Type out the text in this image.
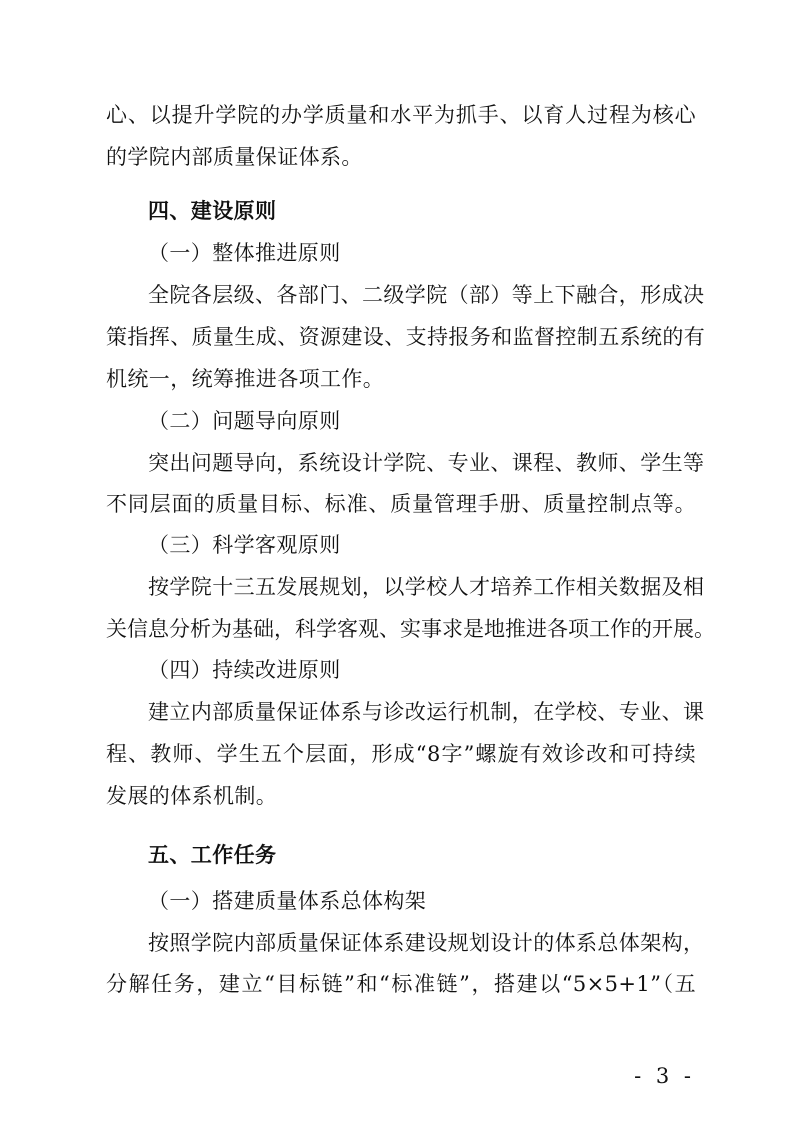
心、以提升学院的办学质量和水平为抓手、以育人过程为核心
的学院内部质量保证体系。
四、建设原则
（一）整体推进原则
全院各层级、各部门、二级学院（部）等上下融合，形成决
策指挥、质量生成、资源建设、支持报务和监督控制五系统的有
机统一，统筹推进各项工作。
（二）问题导向原则
突出问题导向，系统设计学院、专业、课程、教师、学生等
不同层面的质量目标、标准、质量管理手册、质量控制点等。
（三）科学客观原则
按学院十三五发展规划，以学校人才培养工作相关数据及相
关信息分析为基础，科学客观、实事求是地推进各项工作的开展。
（四）持续改进原则
建立内部质量保证体系与诊改运行机制，在学校、专业、课
程、教师、学生五个层面，形成“8字”螺旋有效诊改和可持续
发展的体系机制。
五、工作任务
（一）搭建质量体系总体构架
按照学院内部质量保证体系建设规划设计的体系总体架构，
分解任务，建立“目标链”和“标准链”，搭建以“5×5+1”（五
- 3 -
